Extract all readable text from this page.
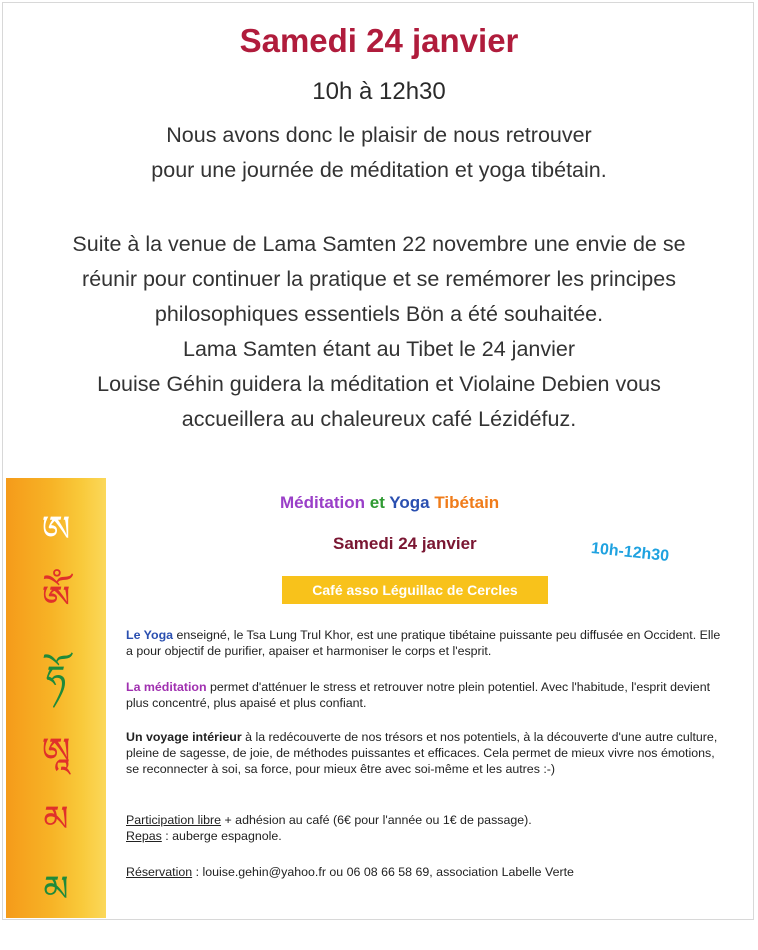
Samedi 24 janvier
10h à 12h30
Nous avons donc le plaisir de nous retrouver
pour une journée de méditation et yoga tibétain.
Suite à la venue de Lama Samten 22 novembre une envie de se
réunir pour continuer la pratique et se remémorer les principes
philosophiques essentiels Bön a été souhaitée.
Lama Samten étant au Tibet le 24 janvier
Louise Géhin guidera la méditation et Violaine Debien vous
accueillera au chaleureux café Lézidéfuz.
ཨ
ཨོཾ
ཧོ
ཨཱ
མ
མ
Méditation et Yoga Tibétain
Samedi 24 janvier	10h-12h30
Café asso Léguillac de Cercles
Le Yoga enseigné, le Tsa Lung Trul Khor, est une pratique tibétaine puissante peu diffusée en Occident. Elle a pour objectif de purifier, apaiser et harmoniser le corps et l'esprit.
La méditation permet d'atténuer le stress et retrouver notre plein potentiel. Avec l'habitude, l'esprit devient plus concentré, plus apaisé et plus confiant.
Un voyage intérieur à la redécouverte de nos trésors et nos potentiels, à la découverte d'une autre culture, pleine de sagesse, de joie, de méthodes puissantes et efficaces. Cela permet de mieux vivre nos émotions, se reconnecter à soi, sa force, pour mieux être avec soi-même et les autres :-)
Participation libre + adhésion au café (6€ pour l'année ou 1€ de passage).
Repas : auberge espagnole.
Réservation : louise.gehin@yahoo.fr ou 06 08 66 58 69, association Labelle Verte
